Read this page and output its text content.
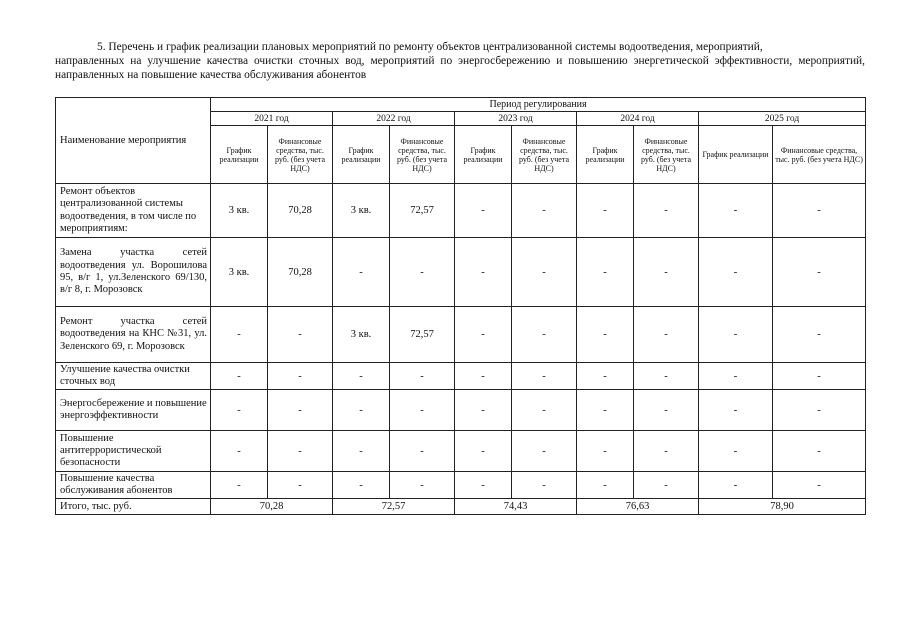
5. Перечень и график реализации плановых мероприятий по ремонту объектов централизованной системы водоотведения, мероприятий,
направленных на улучшение качества очистки сточных вод, мероприятий по энергосбережению и повышению энергетической эффективности, мероприятий, направленных на повышение качества обслуживания абонентов
Наименование мероприятия	Период регулирования									
	2021 год		2022 год		2023 год		2024 год		2025 год	
	График реализации	Финансовые средства, тыс. руб. (без учета НДС)	График реализации	Финансовые средства, тыс. руб. (без учета НДС)	График реализации	Финансовые средства, тыс. руб. (без учета НДС)	График реализации	Финансовые средства, тыс. руб. (без учета НДС)	График реализации	Финансовые средства, тыс. руб. (без учета НДС)
Ремонт объектов централизованной системы водоотведения, в том числе по мероприятиям:	3 кв.	70,28	3 кв.	72,57	-	-	-	-	-	-
Замена участка сетей водоотведения ул. Ворошилова 95, в/г 1, ул.Зеленского 69/130, в/г 8, г. Морозовск	3 кв.	70,28	-	-	-	-	-	-	-	-
Ремонт участка сетей водоотведения на КНС №31, ул. Зеленского 69, г. Морозовск	-	-	3 кв.	72,57	-	-	-	-	-	-
Улучшение качества очистки сточных вод	-	-	-	-	-	-	-	-	-	-
Энергосбережение и повышение энергоэффективности	-	-	-	-	-	-	-	-	-	-
Повышение антитеррористической безопасности	-	-	-	-	-	-	-	-	-	-
Повышение качества обслуживания абонентов	-	-	-	-	-	-	-	-	-	-
Итого, тыс. руб.	70,28		72,57		74,43		76,63		78,90	
